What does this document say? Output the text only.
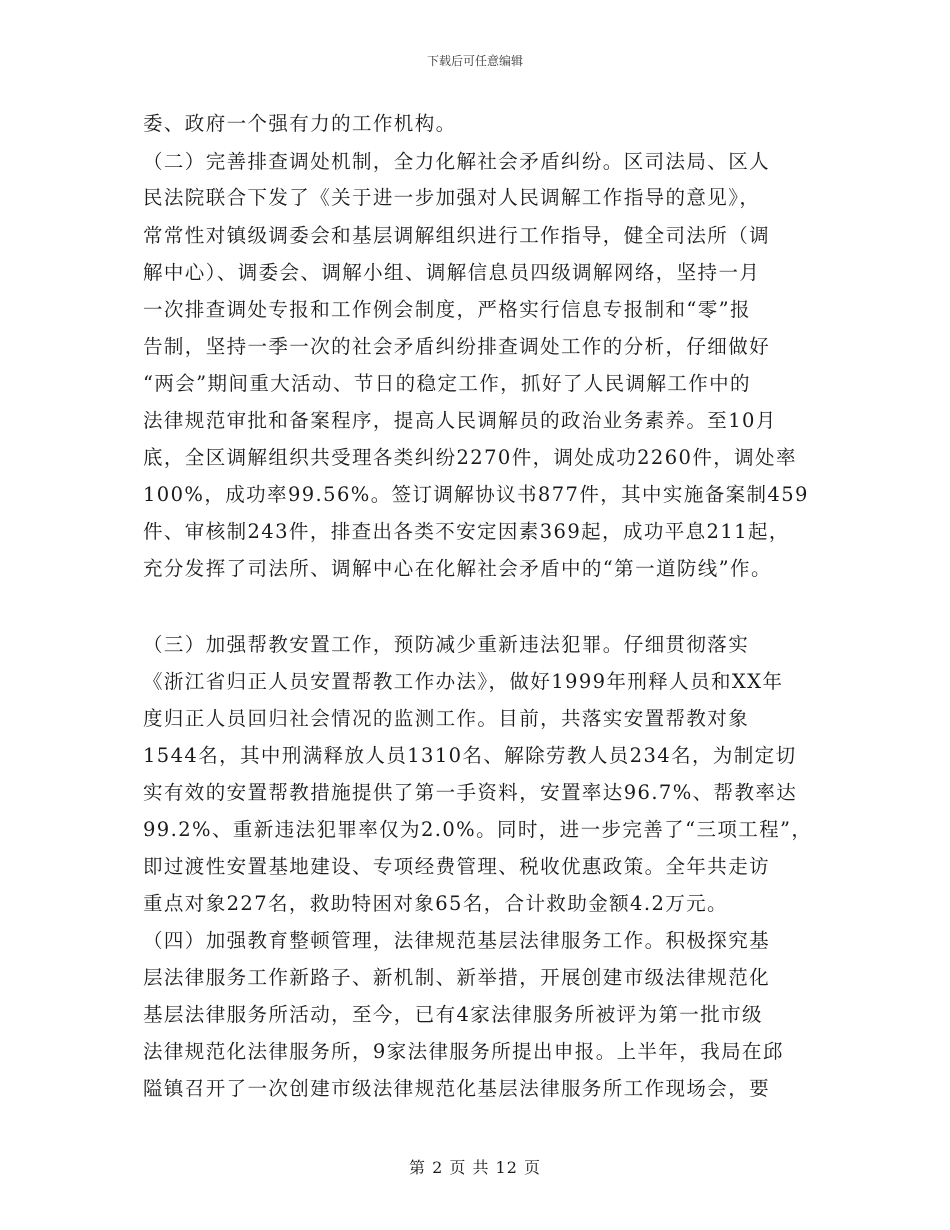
下载后可任意编辑
委、政府一个强有力的工作机构。
（二）完善排查调处机制，全力化解社会矛盾纠纷。区司法局、区人
民法院联合下发了《关于进一步加强对人民调解工作指导的意见》，
常常性对镇级调委会和基层调解组织进行工作指导，健全司法所（调
解中心）、调委会、调解小组、调解信息员四级调解网络，坚持一月
一次排查调处专报和工作例会制度，严格实行信息专报制和“零”报
告制，坚持一季一次的社会矛盾纠纷排查调处工作的分析，仔细做好
“两会”期间重大活动、节日的稳定工作，抓好了人民调解工作中的
法律规范审批和备案程序，提高人民调解员的政治业务素养。至10月
底，全区调解组织共受理各类纠纷2270件，调处成功2260件，调处率
100%，成功率99.56%。签订调解协议书877件，其中实施备案制459
件、审核制243件，排查出各类不安定因素369起，成功平息211起，
充分发挥了司法所、调解中心在化解社会矛盾中的“第一道防线”作。
（三）加强帮教安置工作，预防减少重新违法犯罪。仔细贯彻落实
《浙江省归正人员安置帮教工作办法》，做好1999年刑释人员和XX年
度归正人员回归社会情况的监测工作。目前，共落实安置帮教对象
1544名，其中刑满释放人员1310名、解除劳教人员234名，为制定切
实有效的安置帮教措施提供了第一手资料，安置率达96.7%、帮教率达
99.2%、重新违法犯罪率仅为2.0%。同时，进一步完善了“三项工程”，
即过渡性安置基地建设、专项经费管理、税收优惠政策。全年共走访
重点对象227名，救助特困对象65名，合计救助金额4.2万元。
（四）加强教育整顿管理，法律规范基层法律服务工作。积极探究基
层法律服务工作新路子、新机制、新举措，开展创建市级法律规范化
基层法律服务所活动，至今，已有4家法律服务所被评为第一批市级
法律规范化法律服务所，9家法律服务所提出申报。上半年，我局在邱
隘镇召开了一次创建市级法律规范化基层法律服务所工作现场会，要
第 2 页 共 12 页
